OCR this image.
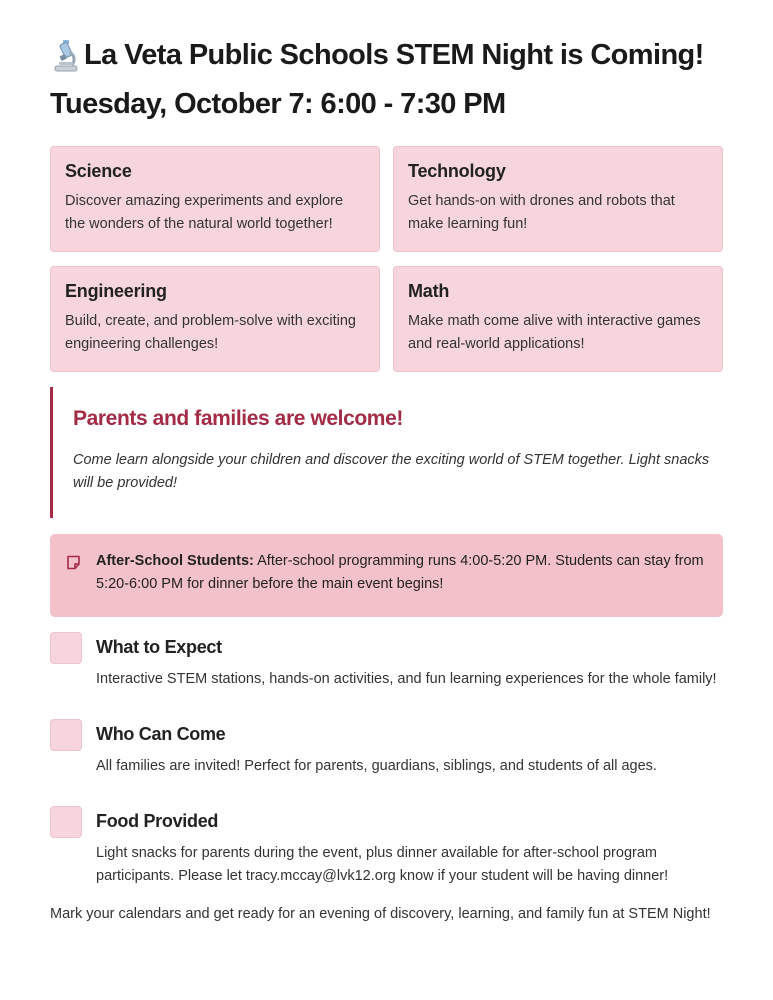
La Veta Public Schools STEM Night is Coming!
Tuesday, October 7: 6:00 - 7:30 PM
Science

Discover amazing experiments and explore the wonders of the natural world together!

Technology

Get hands-on with drones and robots that make learning fun!

Engineering

Build, create, and problem-solve with exciting engineering challenges!

Math

Make math come alive with interactive games and real-world applications!

Parents and families are welcome!

Come learn alongside your children and discover the exciting world of STEM together. Light snacks will be provided!

After-School Students: After-school programming runs 4:00-5:20 PM. Students can stay from 5:20-6:00 PM for dinner before the main event begins!

What to Expect

Interactive STEM stations, hands-on activities, and fun learning experiences for the whole family!

Who Can Come

All families are invited! Perfect for parents, guardians, siblings, and students of all ages.

Food Provided

Light snacks for parents during the event, plus dinner available for after-school program participants. Please let tracy.mccay@lvk12.org know if your student will be having dinner!

Mark your calendars and get ready for an evening of discovery, learning, and family fun at STEM Night!
